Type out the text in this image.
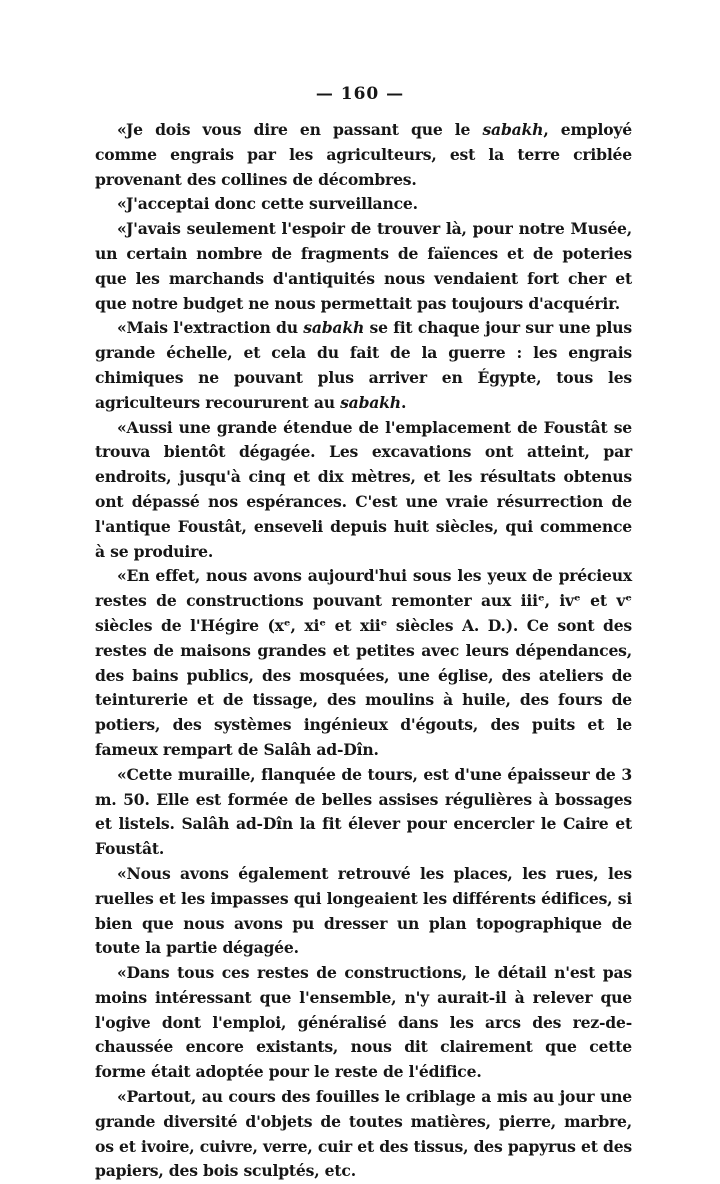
— 160 —

«Je dois vous dire en passant que le sabakh, employé comme engrais par les agriculteurs, est la terre criblée provenant des collines de décombres.

«J'acceptai donc cette surveillance.

«J'avais seulement l'espoir de trouver là, pour notre Musée, un certain nombre de fragments de faïences et de poteries que les marchands d'antiquités nous vendaient fort cher et que notre budget ne nous permettait pas toujours d'acquérir.

«Mais l'extraction du sabakh se fit chaque jour sur une plus grande échelle, et cela du fait de la guerre : les engrais chimiques ne pouvant plus arriver en Égypte, tous les agriculteurs recoururent au sabakh.

«Aussi une grande étendue de l'emplacement de Foustât se trouva bientôt dégagée. Les excavations ont atteint, par endroits, jusqu'à cinq et dix mètres, et les résultats obtenus ont dépassé nos espérances. C'est une vraie résurrection de l'antique Foustât, enseveli depuis huit siècles, qui commence à se produire.

«En effet, nous avons aujourd'hui sous les yeux de précieux restes de constructions pouvant remonter aux iiiᵉ, ivᵉ et vᵉ siècles de l'Hégire (xᵉ, xiᵉ et xiiᵉ siècles A. D.). Ce sont des restes de maisons grandes et petites avec leurs dépendances, des bains publics, des mosquées, une église, des ateliers de teinturerie et de tissage, des moulins à huile, des fours de potiers, des systèmes ingénieux d'égouts, des puits et le fameux rempart de Salâh ad-Dîn.

«Cette muraille, flanquée de tours, est d'une épaisseur de 3 m. 50. Elle est formée de belles assises régulières à bossages et listels. Salâh ad-Dîn la fit élever pour encercler le Caire et Foustât.

«Nous avons également retrouvé les places, les rues, les ruelles et les impasses qui longeaient les différents édifices, si bien que nous avons pu dresser un plan topographique de toute la partie dégagée.

«Dans tous ces restes de constructions, le détail n'est pas moins intéressant que l'ensemble, n'y aurait-il à relever que l'ogive dont l'emploi, généralisé dans les arcs des rez-de-chaussée encore existants, nous dit clairement que cette forme était adoptée pour le reste de l'édifice.

«Partout, au cours des fouilles le criblage a mis au jour une grande diversité d'objets de toutes matières, pierre, marbre, os et ivoire, cuivre, verre, cuir et des tissus, des papyrus et des papiers, des bois sculptés, etc.
